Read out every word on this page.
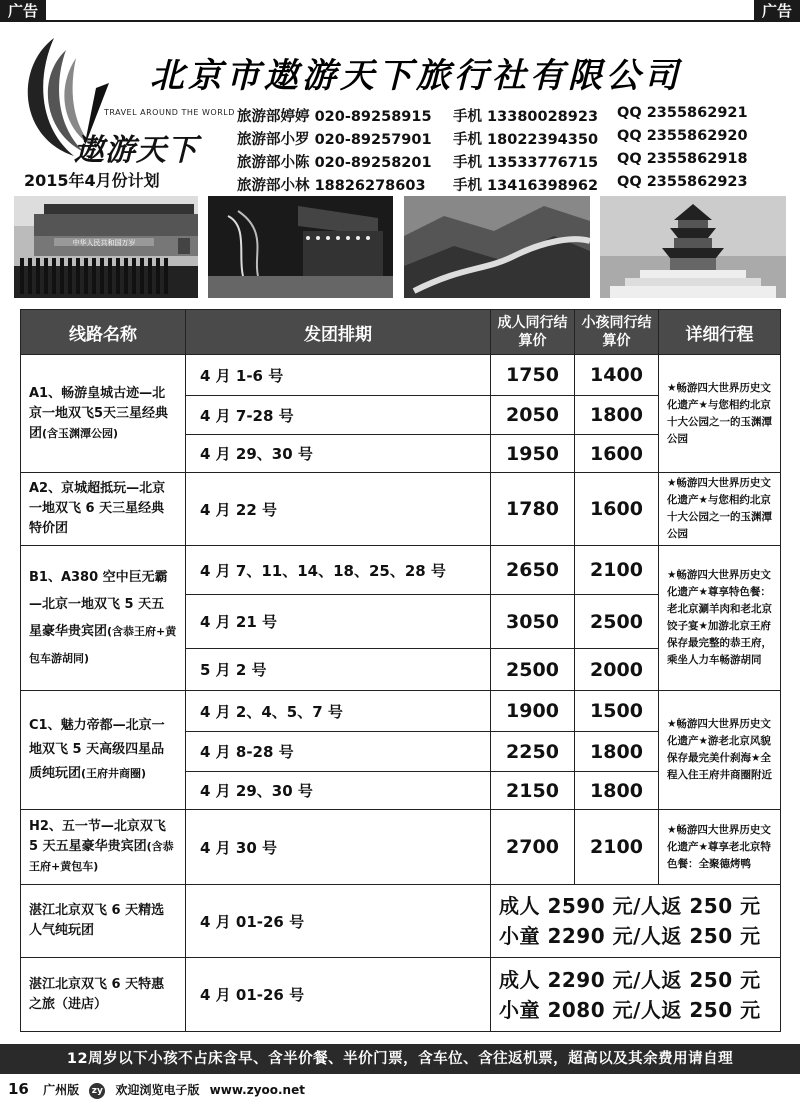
广告	广告
TRAVEL AROUND THE WORLD
遨游天下
2015年4月份计划
北京市遨游天下旅行社有限公司
旅游部婷婷 020-89258915 手机 13380028923 QQ 2355862921
旅游部小罗 020-89257901 手机 18022394350 QQ 2355862920
旅游部小陈 020-89258201 手机 13533776715 QQ 2355862918
旅游部小林 18826278603 手机 13416398962 QQ 2355862923
中华人民共和国万岁
线路名称	发团排期	成人同行结算价	小孩同行结算价	详细行程
A1、畅游皇城古迹—北京一地双飞5天三星经典团(含玉渊潭公园)	4 月 1-6 号	1750	1400	★畅游四大世界历史文化遗产★与您相约北京十大公园之一的玉渊潭公园
	4 月 7-28 号	2050	1800	
	4 月 29、30 号	1950	1600	
A2、京城超抵玩—北京一地双飞 6 天三星经典特价团	4 月 22 号	1780	1600	★畅游四大世界历史文化遗产★与您相约北京十大公园之一的玉渊潭公园
B1、A380 空中巨无霸—北京一地双飞 5 天五星豪华贵宾团(含恭王府+黄包车游胡同)	4 月 7、11、14、18、25、28 号	2650	2100	★畅游四大世界历史文化遗产★尊享特色餐：老北京涮羊肉和老北京饺子宴★加游北京王府保存最完整的恭王府，乘坐人力车畅游胡同
	4 月 21 号	3050	2500	
	5 月 2 号	2500	2000	
C1、魅力帝都—北京一地双飞 5 天高级四星品质纯玩团(王府井商圈)	4 月 2、4、5、7 号	1900	1500	★畅游四大世界历史文化遗产★游老北京风貌保存最完美什刹海★全程入住王府井商圈附近
	4 月 8-28 号	2250	1800	
	4 月 29、30 号	2150	1800	
H2、五一节—北京双飞 5 天五星豪华贵宾团(含恭王府+黄包车)	4 月 30 号	2700	2100	★畅游四大世界历史文化遗产★尊享老北京特色餐：全聚德烤鸭
湛江北京双飞 6 天精选人气纯玩团	4 月 01-26 号	成人 2590 元/人返 250 元
小童 2290 元/人返 250 元		

湛江北京双飞 6 天特惠之旅（进店）	4 月 01-26 号	成人 2290 元/人返 250 元
小童 2080 元/人返 250 元		
12周岁以下小孩不占床含早、含半价餐、半价门票，含车位、含往返机票，超高以及其余费用请自理
16 广州版 zy 欢迎浏览电子版 www.zyoo.net
